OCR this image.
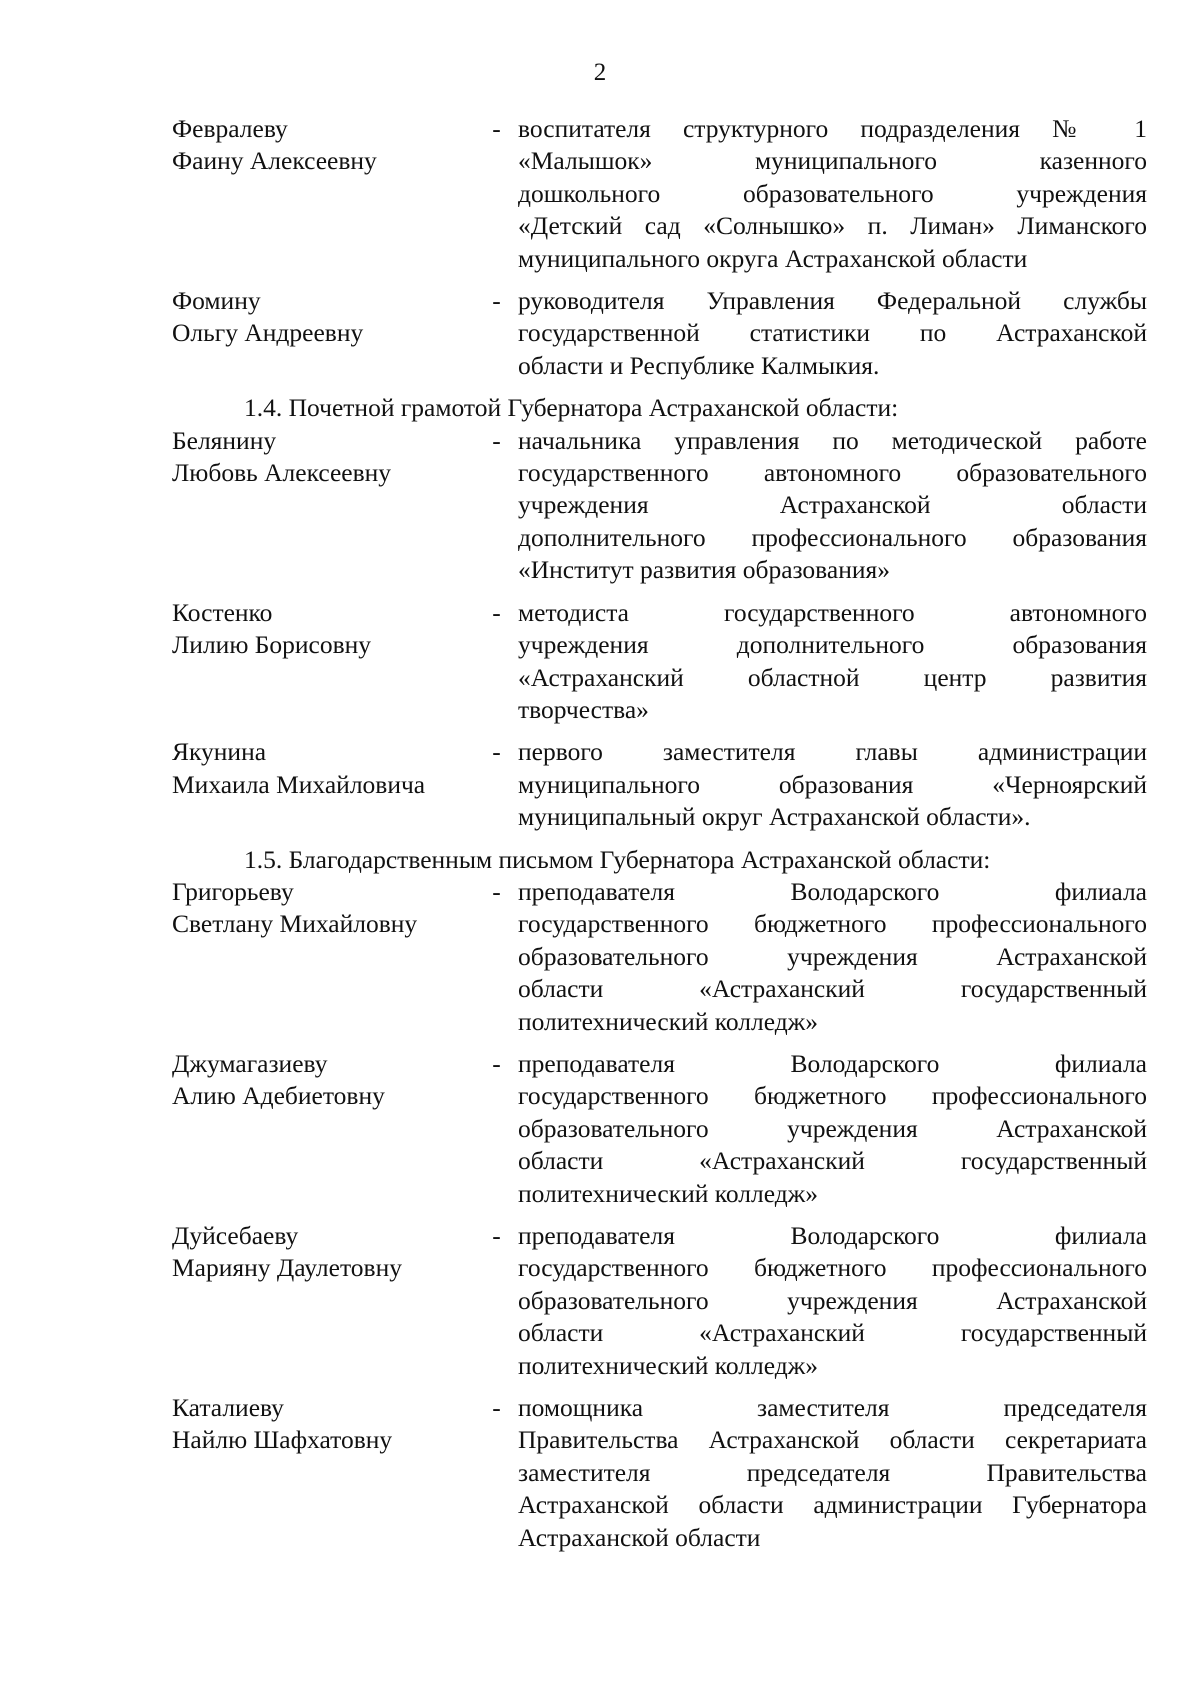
2
Февралеву
Фаину Алексеевну
- воспитателя структурного подразделения № 1
«Малышок» муниципального казенного
дошкольного образовательного учреждения
«Детский сад «Солнышко» п. Лиман» Лиманского
муниципального округа Астраханской области
Фомину
Ольгу Андреевну
- руководителя Управления Федеральной службы
государственной статистики по Астраханской
области и Республике Калмыкия.
1.4. Почетной грамотой Губернатора Астраханской области:
Белянину
Любовь Алексеевну
- начальника управления по методической работе
государственного автономного образовательного
учреждения Астраханской области
дополнительного профессионального образования
«Институт развития образования»
Костенко
Лилию Борисовну
- методиста государственного автономного
учреждения дополнительного образования
«Астраханский областной центр развития
творчества»
Якунина
Михаила Михайловича
- первого заместителя главы администрации
муниципального образования «Черноярский
муниципальный округ Астраханской области».
1.5. Благодарственным письмом Губернатора Астраханской области:
Григорьеву
Светлану Михайловну
- преподавателя Володарского филиала
государственного бюджетного профессионального
образовательного учреждения Астраханской
области «Астраханский государственный
политехнический колледж»
Джумагазиеву
Алию Адебиетовну
- преподавателя Володарского филиала
государственного бюджетного профессионального
образовательного учреждения Астраханской
области «Астраханский государственный
политехнический колледж»
Дуйсебаеву
Марияну Даулетовну
- преподавателя Володарского филиала
государственного бюджетного профессионального
образовательного учреждения Астраханской
области «Астраханский государственный
политехнический колледж»
Каталиеву
Найлю Шафхатовну
- помощника заместителя председателя
Правительства Астраханской области секретариата
заместителя председателя Правительства
Астраханской области администрации Губернатора
Астраханской области
